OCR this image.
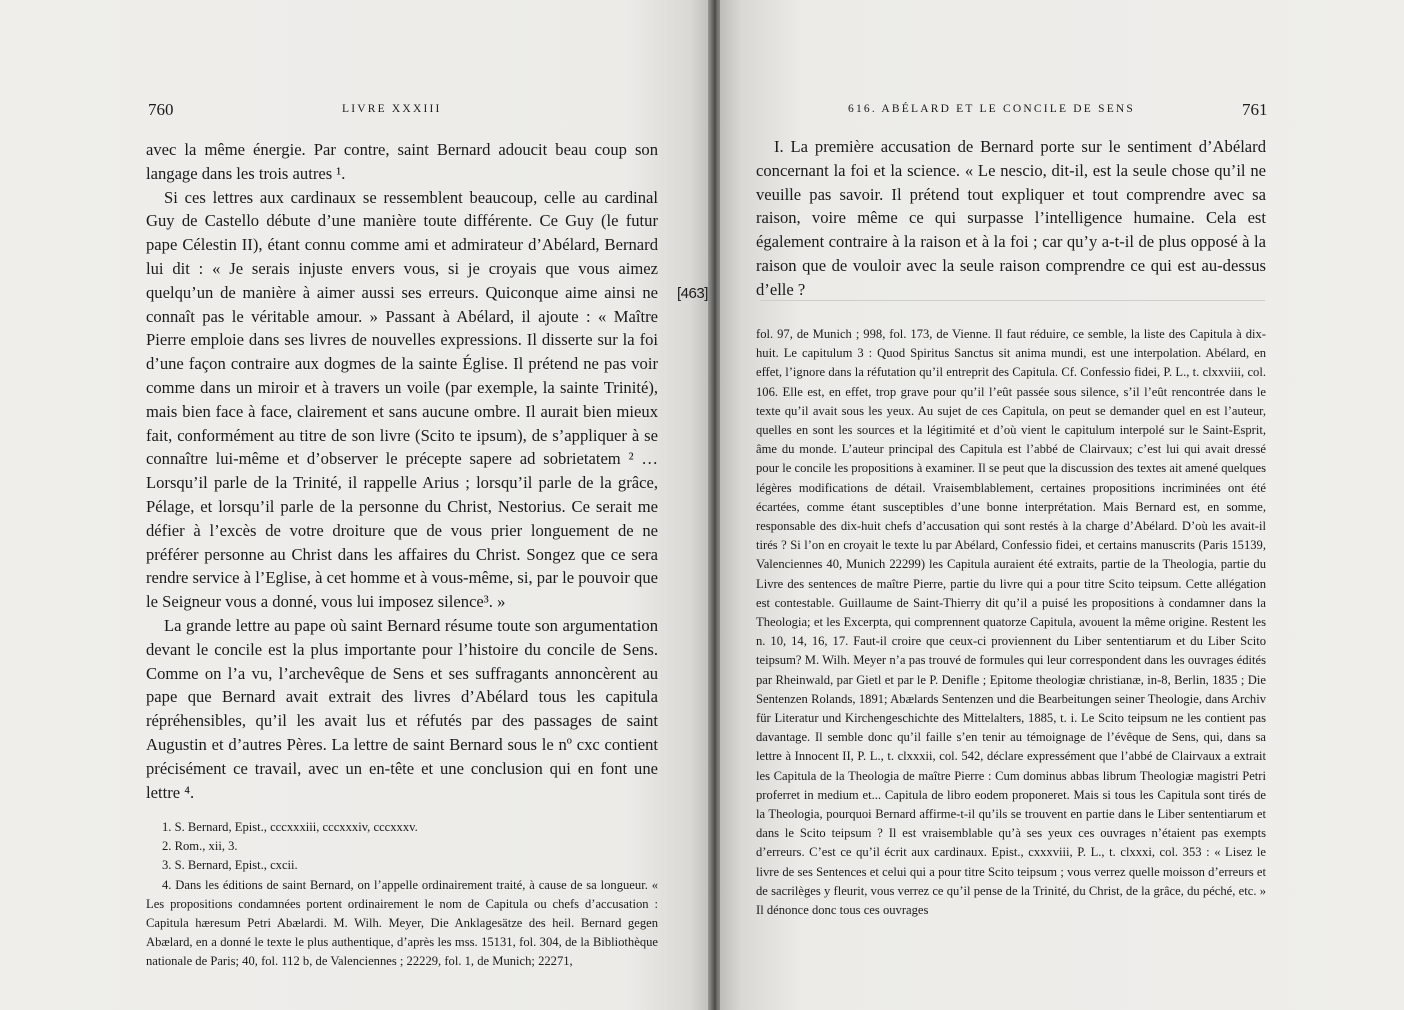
760	LIVRE XXXIII

avec la même énergie. Par contre, saint Bernard adoucit beau coup son langage dans les trois autres ¹.

Si ces lettres aux cardinaux se ressemblent beaucoup, celle au cardinal Guy de Castello débute d’une manière toute différente. Ce Guy (le futur pape Célestin II), étant connu comme ami et admirateur d’Abélard, Bernard lui dit : « Je serais injuste envers vous, si je croyais que vous aimez quelqu’un de manière à aimer aussi ses erreurs. Quiconque aime ainsi ne connaît pas le véritable amour. » Passant à Abélard, il ajoute : « Maître Pierre emploie dans ses livres de nouvelles expressions. Il disserte sur la foi d’une façon contraire aux dogmes de la sainte Église. Il prétend ne pas voir comme dans un miroir et à travers un voile (par exemple, la sainte Trinité), mais bien face à face, clairement et sans aucune ombre. Il aurait bien mieux fait, conformément au titre de son livre (Scito te ipsum), de s’appliquer à se connaître lui-même et d’observer le précepte sapere ad sobrietatem ² … Lorsqu’il parle de la Trinité, il rappelle Arius ; lorsqu’il parle de la grâce, Pélage, et lorsqu’il parle de la personne du Christ, Nestorius. Ce serait me défier à l’excès de votre droiture que de vous prier longuement de ne préférer personne au Christ dans les affaires du Christ. Songez que ce sera rendre service à l’Eglise, à cet homme et à vous-même, si, par le pouvoir que le Seigneur vous a donné, vous lui imposez silence³. »

La grande lettre au pape où saint Bernard résume toute son argumentation devant le concile est la plus importante pour l’histoire du concile de Sens. Comme on l’a vu, l’archevêque de Sens et ses suffragants annoncèrent au pape que Bernard avait extrait des livres d’Abélard tous les capitula répréhensibles, qu’il les avait lus et réfutés par des passages de saint Augustin et d’autres Pères. La lettre de saint Bernard sous le nº cxc contient précisément ce travail, avec un en-tête et une conclusion qui en font une lettre ⁴.

1. S. Bernard, Epist., cccxxxiii, cccxxxiv, cccxxxv.

2. Rom., xii, 3.

3. S. Bernard, Epist., cxcii.

4. Dans les éditions de saint Bernard, on l’appelle ordinairement traité, à cause de sa longueur. « Les propositions condamnées portent ordinairement le nom de Capitula ou chefs d’accusation : Capitula hæresum Petri Abælardi. M. Wilh. Meyer, Die Anklagesätze des heil. Bernard gegen Abælard, en a donné le texte le plus authentique, d’après les mss. 15131, fol. 304, de la Bibliothèque nationale de Paris; 40, fol. 112 b, de Valenciennes ; 22229, fol. 1, de Munich; 22271,

[463]
616. ABÉLARD ET LE CONCILE DE SENS	761

I. La première accusation de Bernard porte sur le sentiment d’Abélard concernant la foi et la science. « Le nescio, dit-il, est la seule chose qu’il ne veuille pas savoir. Il prétend tout expliquer et tout comprendre avec sa raison, voire même ce qui surpasse l’intelligence humaine. Cela est également contraire à la raison et à la foi ; car qu’y a-t-il de plus opposé à la raison que de vouloir avec la seule raison comprendre ce qui est au-dessus d’elle ?

fol. 97, de Munich ; 998, fol. 173, de Vienne. Il faut réduire, ce semble, la liste des Capitula à dix-huit. Le capitulum 3 : Quod Spiritus Sanctus sit anima mundi, est une interpolation. Abélard, en effet, l’ignore dans la réfutation qu’il entreprit des Capitula. Cf. Confessio fidei, P. L., t. clxxviii, col. 106. Elle est, en effet, trop grave pour qu’il l’eût passée sous silence, s’il l’eût rencontrée dans le texte qu’il avait sous les yeux. Au sujet de ces Capitula, on peut se demander quel en est l’auteur, quelles en sont les sources et la légitimité et d’où vient le capitulum interpolé sur le Saint-Esprit, âme du monde. L’auteur principal des Capitula est l’abbé de Clairvaux; c’est lui qui avait dressé pour le concile les propositions à examiner. Il se peut que la discussion des textes ait amené quelques légères modifications de détail. Vraisemblablement, certaines propositions incriminées ont été écartées, comme étant susceptibles d’une bonne interprétation. Mais Bernard est, en somme, responsable des dix-huit chefs d’accusation qui sont restés à la charge d’Abélard. D’où les avait-il tirés ? Si l’on en croyait le texte lu par Abélard, Confessio fidei, et certains manuscrits (Paris 15139, Valenciennes 40, Munich 22299) les Capitula auraient été extraits, partie de la Theologia, partie du Livre des sentences de maître Pierre, partie du livre qui a pour titre Scito teipsum. Cette allégation est contestable. Guillaume de Saint-Thierry dit qu’il a puisé les propositions à condamner dans la Theologia; et les Excerpta, qui comprennent quatorze Capitula, avouent la même origine. Restent les n. 10, 14, 16, 17. Faut-il croire que ceux-ci proviennent du Liber sententiarum et du Liber Scito teipsum? M. Wilh. Meyer n’a pas trouvé de formules qui leur correspondent dans les ouvrages édités par Rheinwald, par Gietl et par le P. Denifle ; Epitome theologiæ christianæ, in-8, Berlin, 1835 ; Die Sentenzen Rolands, 1891; Abælards Sentenzen und die Bearbeitungen seiner Theologie, dans Archiv für Literatur und Kirchengeschichte des Mittelalters, 1885, t. i. Le Scito teipsum ne les contient pas davantage. Il semble donc qu’il faille s’en tenir au témoignage de l’évêque de Sens, qui, dans sa lettre à Innocent II, P. L., t. clxxxii, col. 542, déclare expressément que l’abbé de Clairvaux a extrait les Capitula de la Theologia de maître Pierre : Cum dominus abbas librum Theologiæ magistri Petri proferret in medium et... Capitula de libro eodem proponeret. Mais si tous les Capitula sont tirés de la Theologia, pourquoi Bernard affirme-t-il qu’ils se trouvent en partie dans le Liber sententiarum et dans le Scito teipsum ? Il est vraisemblable qu’à ses yeux ces ouvrages n’étaient pas exempts d’erreurs. C’est ce qu’il écrit aux cardinaux. Epist., cxxxviii, P. L., t. clxxxi, col. 353 : « Lisez le livre de ses Sentences et celui qui a pour titre Scito teipsum ; vous verrez quelle moisson d’erreurs et de sacrilèges y fleurit, vous verrez ce qu’il pense de la Trinité, du Christ, de la grâce, du péché, etc. » Il dénonce donc tous ces ouvrages
